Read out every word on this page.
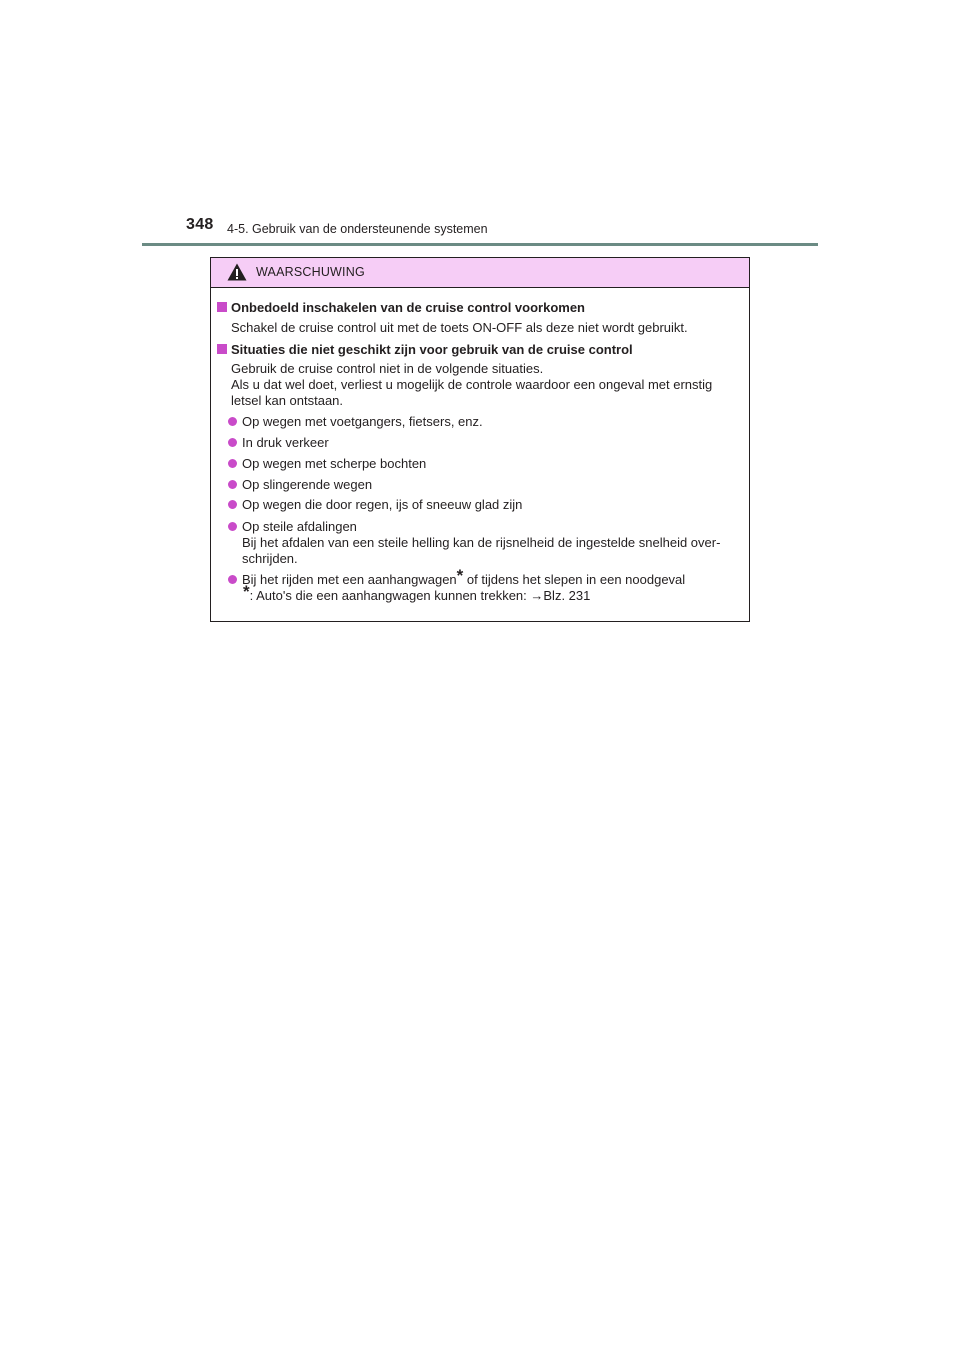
348 4-5. Gebruik van de ondersteunende systemen
WAARSCHUWING
Onbedoeld inschakelen van de cruise control voorkomen
Schakel de cruise control uit met de toets ON-OFF als deze niet wordt gebruikt.
Situaties die niet geschikt zijn voor gebruik van de cruise control
Gebruik de cruise control niet in de volgende situaties.
Als u dat wel doet, verliest u mogelijk de controle waardoor een ongeval met ernstig
letsel kan ontstaan.
Op wegen met voetgangers, fietsers, enz.
In druk verkeer
Op wegen met scherpe bochten
Op slingerende wegen
Op wegen die door regen, ijs of sneeuw glad zijn
Op steile afdalingen
Bij het afdalen van een steile helling kan de rijsnelheid de ingestelde snelheid over-
schrijden.
Bij het rijden met een aanhangwagen* of tijdens het slepen in een noodgeval
*: Auto's die een aanhangwagen kunnen trekken: →Blz. 231
